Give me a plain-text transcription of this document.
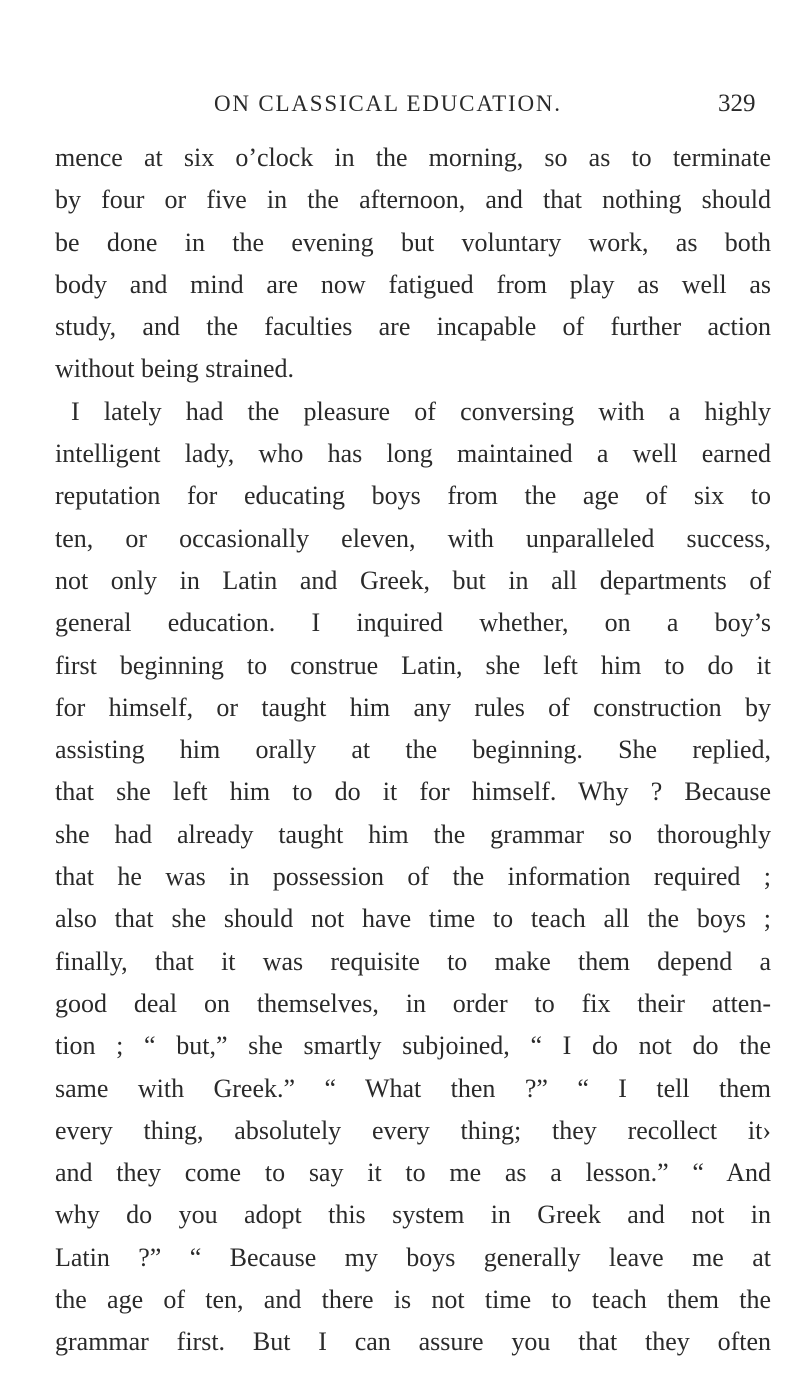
ON CLASSICAL EDUCATION.	329
mence at six o’clock in the morning, so as to terminate
by four or five in the afternoon, and that nothing should
be done in the evening but voluntary work, as both
body and mind are now fatigued from play as well as
study, and the faculties are incapable of further action
without being strained.
I lately had the pleasure of conversing with a highly
intelligent lady, who has long maintained a well earned
reputation for educating boys from the age of six to
ten, or occasionally eleven, with unparalleled success,
not only in Latin and Greek, but in all departments of
general education. I inquired whether, on a boy’s
first beginning to construe Latin, she left him to do it
for himself, or taught him any rules of construction by
assisting him orally at the beginning. She replied,
that she left him to do it for himself. Why ? Because
she had already taught him the grammar so thoroughly
that he was in possession of the information required ;
also that she should not have time to teach all the boys ;
finally, that it was requisite to make them depend a
good deal on themselves, in order to fix their atten-
tion ; “ but,” she smartly subjoined, “ I do not do the
same with Greek.” “ What then ?” “ I tell them
every thing, absolutely every thing; they recollect it›
and they come to say it to me as a lesson.” “ And
why do you adopt this system in Greek and not in
Latin ?” “ Because my boys generally leave me at
the age of ten, and there is not time to teach them the
grammar first. But I can assure you that they often
